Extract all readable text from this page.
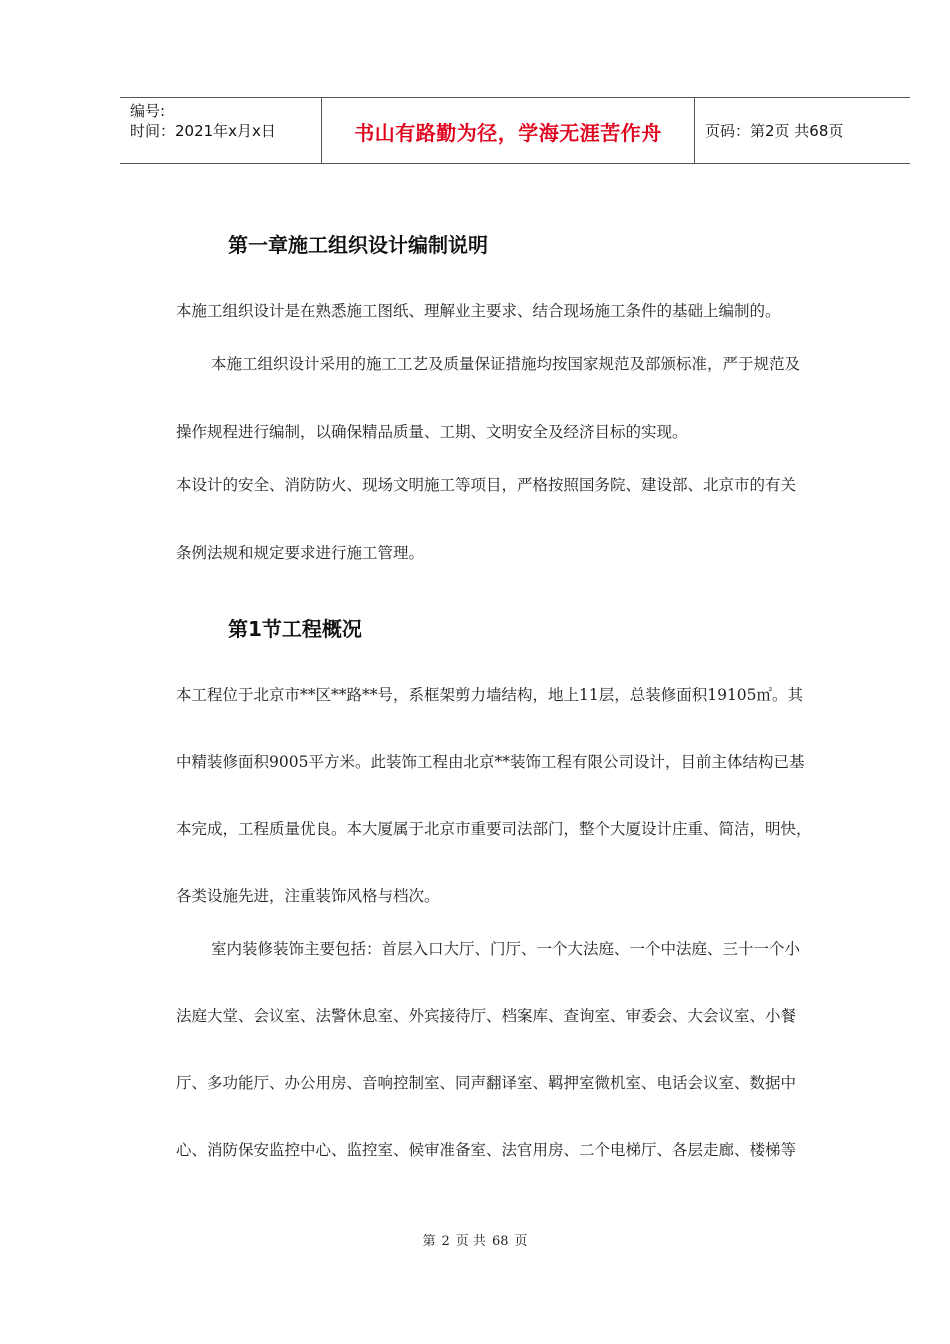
编号:
时间：2021年x月x日	书山有路勤为径，学海无涯苦作舟	页码：第2页 共68页
第一章施工组织设计编制说明
本施工组织设计是在熟悉施工图纸、理解业主要求、结合现场施工条件的基础上编制的。
本施工组织设计采用的施工工艺及质量保证措施均按国家规范及部颁标准，严于规范及
操作规程进行编制，以确保精品质量、工期、文明安全及经济目标的实现。
本设计的安全、消防防火、现场文明施工等项目，严格按照国务院、建设部、北京市的有关
条例法规和规定要求进行施工管理。
第1节工程概况
本工程位于北京市**区**路**号，系框架剪力墙结构，地上11层，总装修面积19105㎡。其
中精装修面积9005平方米。此装饰工程由北京**装饰工程有限公司设计，目前主体结构已基
本完成，工程质量优良。本大厦属于北京市重要司法部门，整个大厦设计庄重、简洁，明快，
各类设施先进，注重装饰风格与档次。
室内装修装饰主要包括：首层入口大厅、门厅、一个大法庭、一个中法庭、三十一个小
法庭大堂、会议室、法警休息室、外宾接待厅、档案库、查询室、审委会、大会议室、小餐
厅、多功能厅、办公用房、音响控制室、同声翻译室、羁押室微机室、电话会议室、数据中
心、消防保安监控中心、监控室、候审准备室、法官用房、二个电梯厅、各层走廊、楼梯等
第 2 页 共 68 页
